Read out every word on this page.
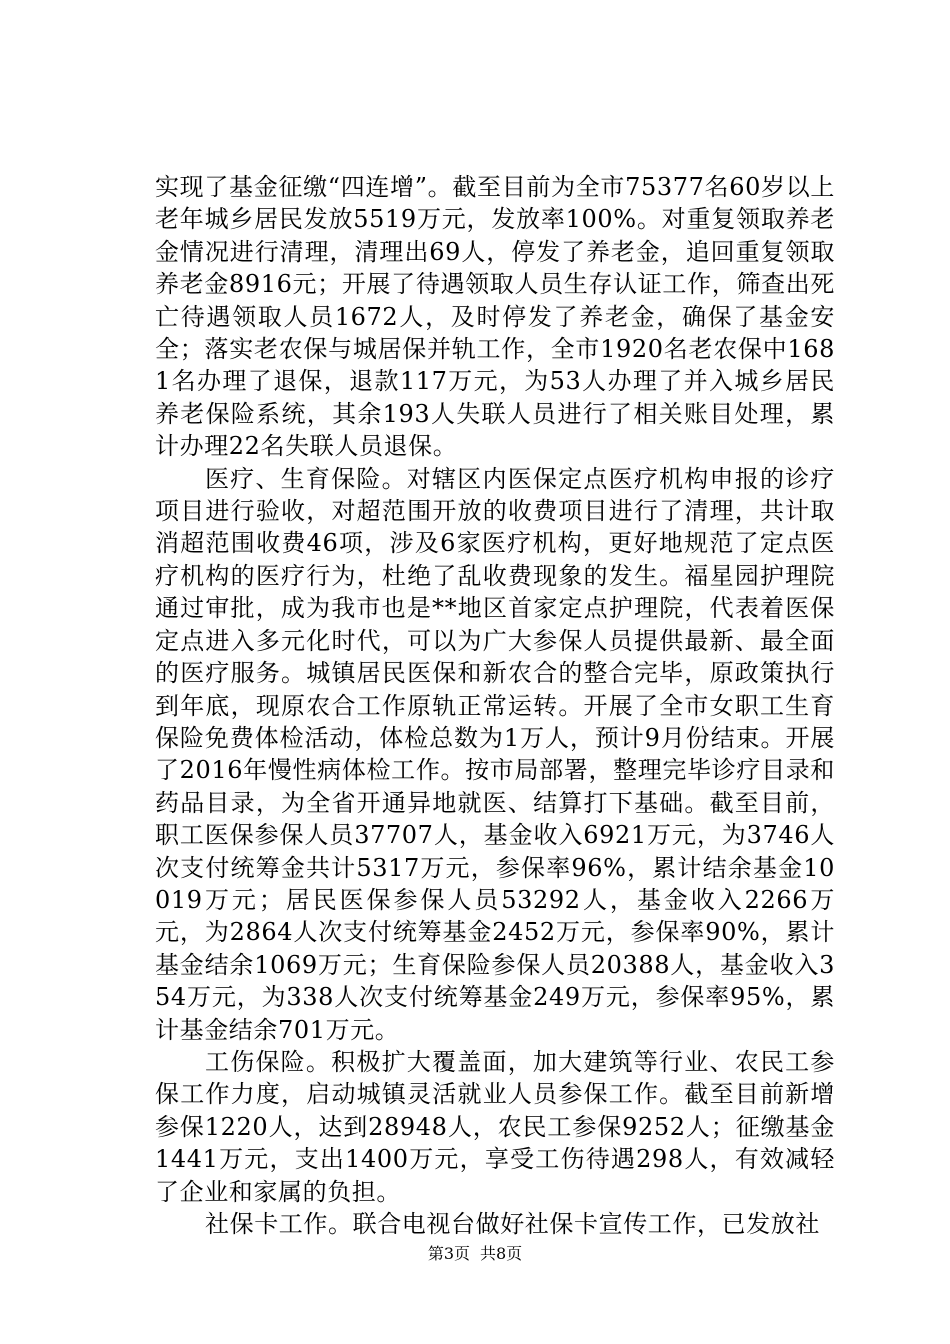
实现了基金征缴“四连增”。截至目前为全市75377名60岁以上老年城乡居民发放5519万元，发放率100%。对重复领取养老金情况进行清理，清理出69人，停发了养老金，追回重复领取养老金8916元；开展了待遇领取人员生存认证工作，筛查出死亡待遇领取人员1672人，及时停发了养老金，确保了基金安全；落实老农保与城居保并轨工作，全市1920名老农保中1681名办理了退保，退款117万元，为53人办理了并入城乡居民养老保险系统，其余193人失联人员进行了相关账目处理，累计办理22名失联人员退保。

医疗、生育保险。对辖区内医保定点医疗机构申报的诊疗项目进行验收，对超范围开放的收费项目进行了清理，共计取消超范围收费46项，涉及6家医疗机构，更好地规范了定点医疗机构的医疗行为，杜绝了乱收费现象的发生。福星园护理院通过审批，成为我市也是**地区首家定点护理院，代表着医保定点进入多元化时代，可以为广大参保人员提供最新、最全面的医疗服务。城镇居民医保和新农合的整合完毕，原政策执行到年底，现原农合工作原轨正常运转。开展了全市女职工生育保险免费体检活动，体检总数为1万人，预计9月份结束。开展了2016年慢性病体检工作。按市局部署，整理完毕诊疗目录和药品目录，为全省开通异地就医、结算打下基础。截至目前，职工医保参保人员37707人，基金收入6921万元，为3746人次支付统筹金共计5317万元，参保率96%，累计结余基金10019万元；居民医保参保人员53292人，基金收入2266万元，为2864人次支付统筹基金2452万元，参保率90%，累计基金结余1069万元；生育保险参保人员20388人，基金收入354万元，为338人次支付统筹基金249万元，参保率95%，累计基金结余701万元。

工伤保险。积极扩大覆盖面，加大建筑等行业、农民工参保工作力度，启动城镇灵活就业人员参保工作。截至目前新增参保1220人，达到28948人，农民工参保9252人；征缴基金1441万元，支出1400万元，享受工伤待遇298人，有效减轻了企业和家属的负担。

社保卡工作。联合电视台做好社保卡宣传工作，已发放社

第3页 共8页
